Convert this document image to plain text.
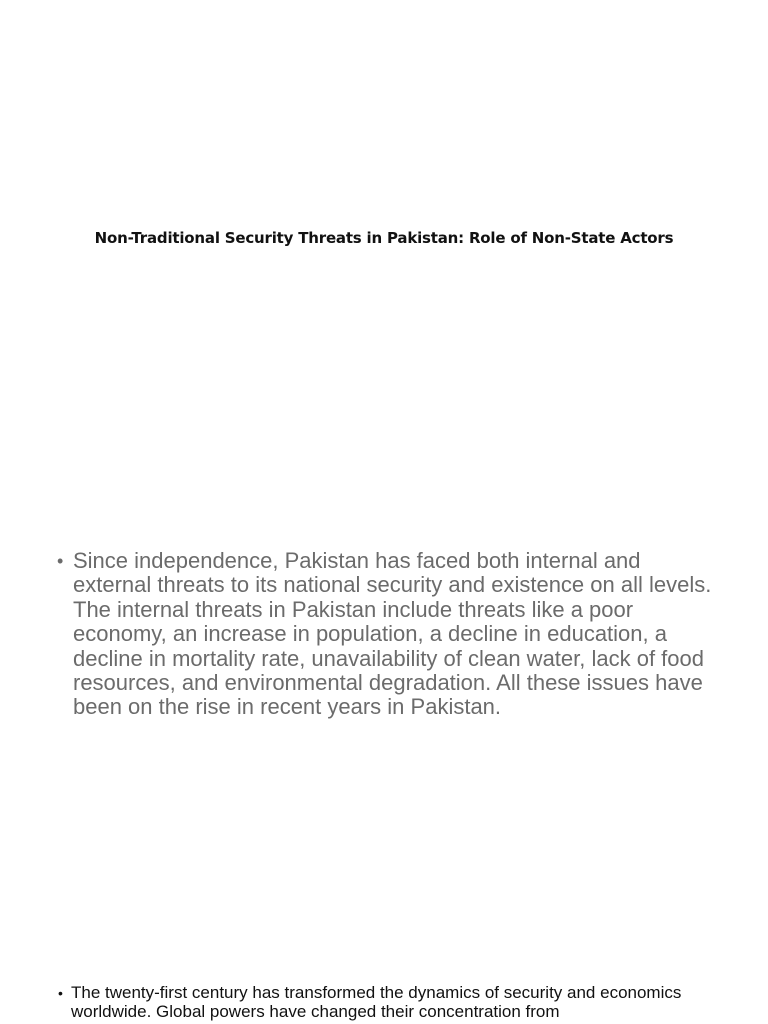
Non-Traditional Security Threats in Pakistan: Role of Non-State Actors
• Since independence, Pakistan has faced both internal and external threats to its national security and existence on all levels. The internal threats in Pakistan include threats like a poor economy, an increase in population, a decline in education, a decline in mortality rate, unavailability of clean water, lack of food resources, and environmental degradation. All these issues have been on the rise in recent years in Pakistan.
• The twenty-first century has transformed the dynamics of security and economics worldwide. Global powers have changed their concentration from
